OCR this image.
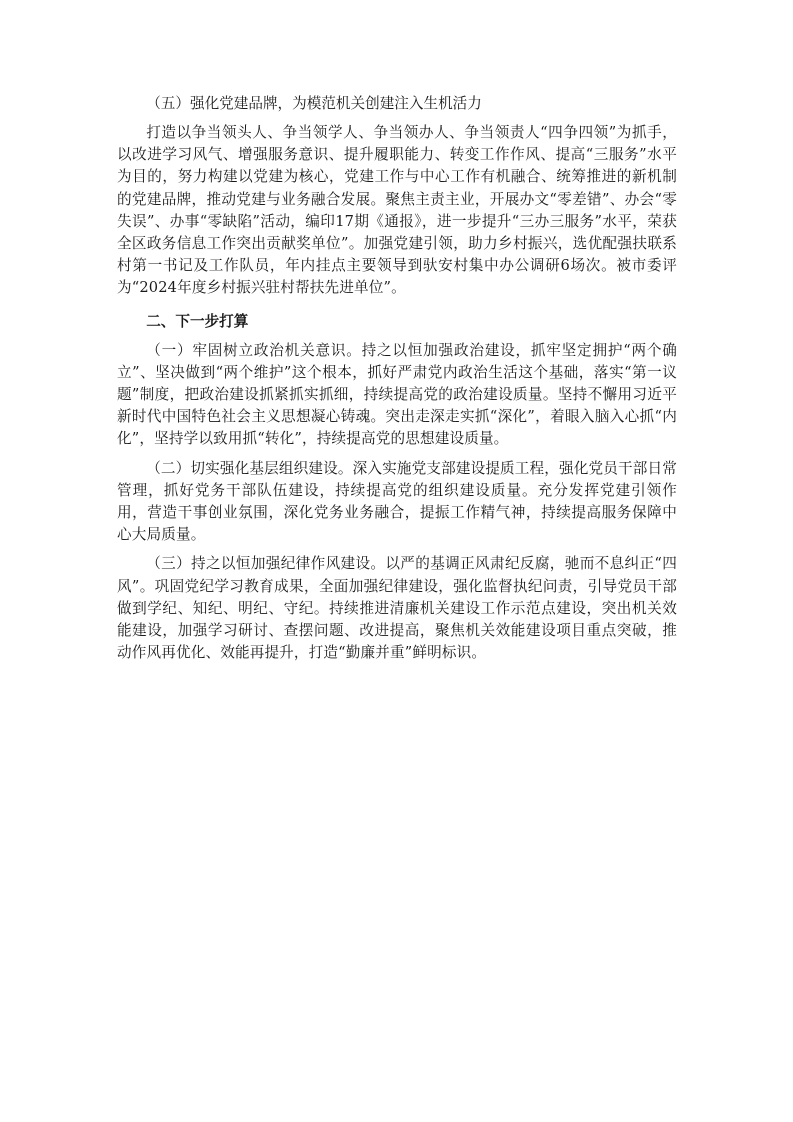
（五）强化党建品牌，为模范机关创建注入生机活力

打造以争当领头人、争当领学人、争当领办人、争当领责人“四争四领”为抓手，以改进学习风气、增强服务意识、提升履职能力、转变工作作风、提高“三服务”水平为目的，努力构建以党建为核心，党建工作与中心工作有机融合、统筹推进的新机制的党建品牌，推动党建与业务融合发展。聚焦主责主业，开展办文“零差错”、办会“零失误”、办事“零缺陷”活动，编印17期《通报》，进一步提升“三办三服务”水平，荣获全区政务信息工作突出贡献奖单位”。加强党建引领，助力乡村振兴，选优配强扶联系村第一书记及工作队员，年内挂点主要领导到驮安村集中办公调研6场次。被市委评为“2024年度乡村振兴驻村帮扶先进单位”。

二、下一步打算

（一）牢固树立政治机关意识。持之以恒加强政治建设，抓牢坚定拥护“两个确立”、坚决做到“两个维护”这个根本，抓好严肃党内政治生活这个基础，落实“第一议题”制度，把政治建设抓紧抓实抓细，持续提高党的政治建设质量。坚持不懈用习近平新时代中国特色社会主义思想凝心铸魂。突出走深走实抓“深化”，着眼入脑入心抓“内化”，坚持学以致用抓“转化”，持续提高党的思想建设质量。

（二）切实强化基层组织建设。深入实施党支部建设提质工程，强化党员干部日常管理，抓好党务干部队伍建设，持续提高党的组织建设质量。充分发挥党建引领作用，营造干事创业氛围，深化党务业务融合，提振工作精气神，持续提高服务保障中心大局质量。

（三）持之以恒加强纪律作风建设。以严的基调正风肃纪反腐，驰而不息纠正“四风”。巩固党纪学习教育成果，全面加强纪律建设，强化监督执纪问责，引导党员干部做到学纪、知纪、明纪、守纪。持续推进清廉机关建设工作示范点建设，突出机关效能建设，加强学习研讨、查摆问题、改进提高，聚焦机关效能建设项目重点突破，推动作风再优化、效能再提升，打造“勤廉并重”鲜明标识。
